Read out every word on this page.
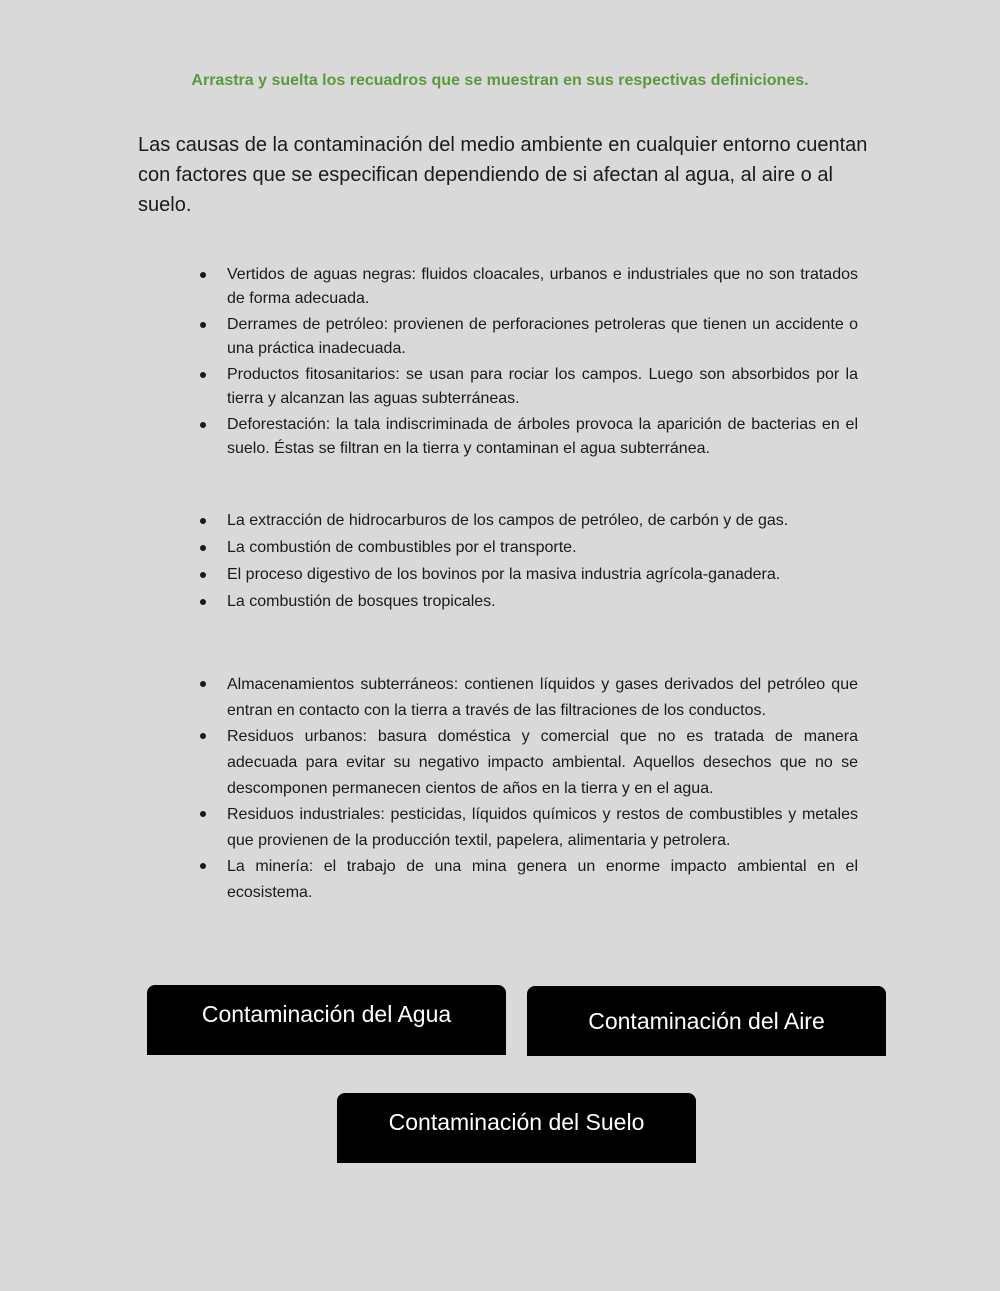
Arrastra y suelta los recuadros que se muestran en sus respectivas definiciones.
Las causas de la contaminación del medio ambiente en cualquier entorno cuentan con factores que se especifican dependiendo de si afectan al agua, al aire o al suelo.
Vertidos de aguas negras: fluidos cloacales, urbanos e industriales que no son tratados de forma adecuada.
Derrames de petróleo: provienen de perforaciones petroleras que tienen un accidente o una práctica inadecuada.
Productos fitosanitarios: se usan para rociar los campos. Luego son absorbidos por la tierra y alcanzan las aguas subterráneas.
Deforestación: la tala indiscriminada de árboles provoca la aparición de bacterias en el suelo. Éstas se filtran en la tierra y contaminan el agua subterránea.
La extracción de hidrocarburos de los campos de petróleo, de carbón y de gas.
La combustión de combustibles por el transporte.
El proceso digestivo de los bovinos por la masiva industria agrícola-ganadera.
La combustión de bosques tropicales.
Almacenamientos subterráneos: contienen líquidos y gases derivados del petróleo que entran en contacto con la tierra a través de las filtraciones de los conductos.
Residuos urbanos: basura doméstica y comercial que no es tratada de manera adecuada para evitar su negativo impacto ambiental. Aquellos desechos que no se descomponen permanecen cientos de años en la tierra y en el agua.
Residuos industriales: pesticidas, líquidos químicos y restos de combustibles y metales que provienen de la producción textil, papelera, alimentaria y petrolera.
La minería: el trabajo de una mina genera un enorme impacto ambiental en el ecosistema.
Contaminación del Agua	Contaminación del Aire
Contaminación del Suelo
